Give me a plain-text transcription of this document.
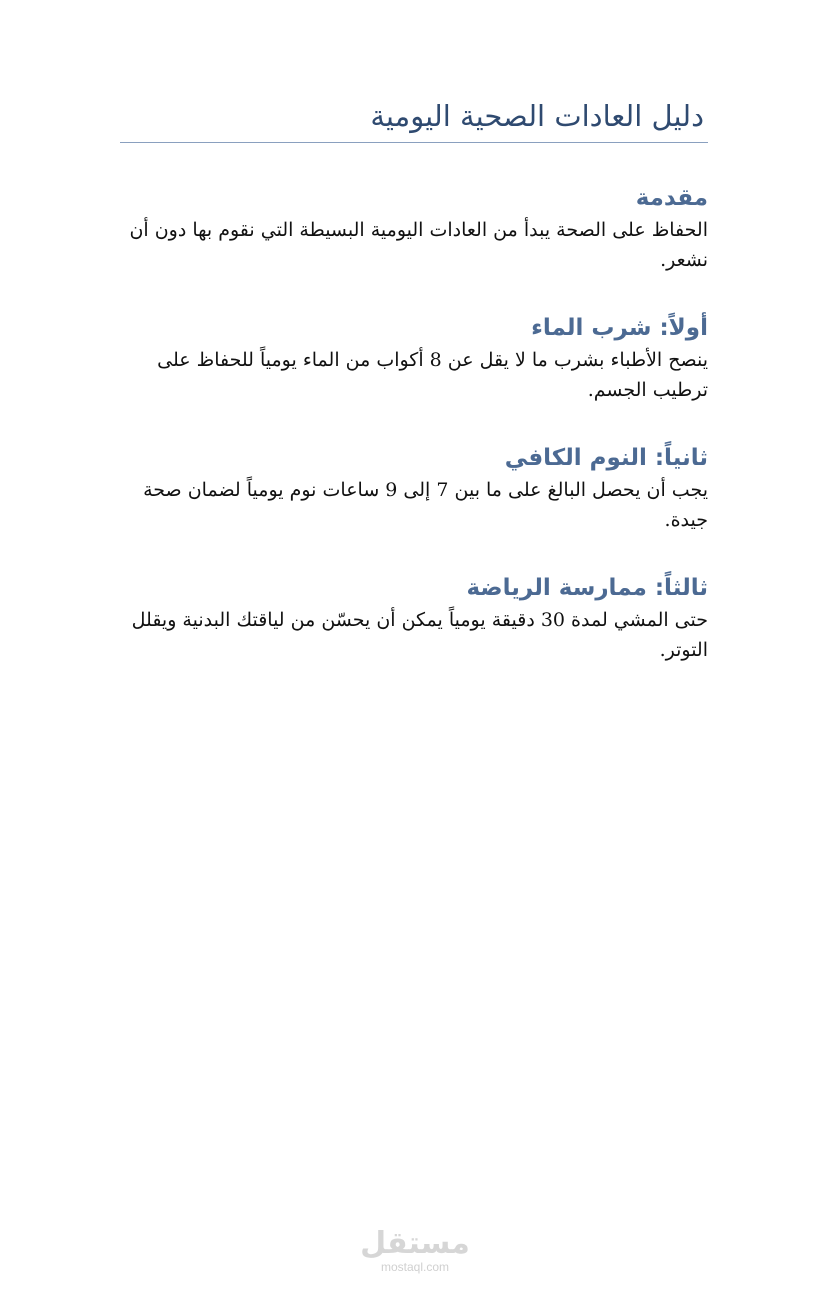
دليل العادات الصحية اليومية
مقدمة

الحفاظ على الصحة يبدأ من العادات اليومية البسيطة التي نقوم بها دون أن نشعر.

أولاً: شرب الماء

ينصح الأطباء بشرب ما لا يقل عن 8 أكواب من الماء يومياً للحفاظ على ترطيب الجسم.

ثانياً: النوم الكافي

يجب أن يحصل البالغ على ما بين 7 إلى 9 ساعات نوم يومياً لضمان صحة جيدة.

ثالثاً: ممارسة الرياضة

حتى المشي لمدة 30 دقيقة يومياً يمكن أن يحسّن من لياقتك البدنية ويقلل التوتر.

مستقل
mostaql.com
